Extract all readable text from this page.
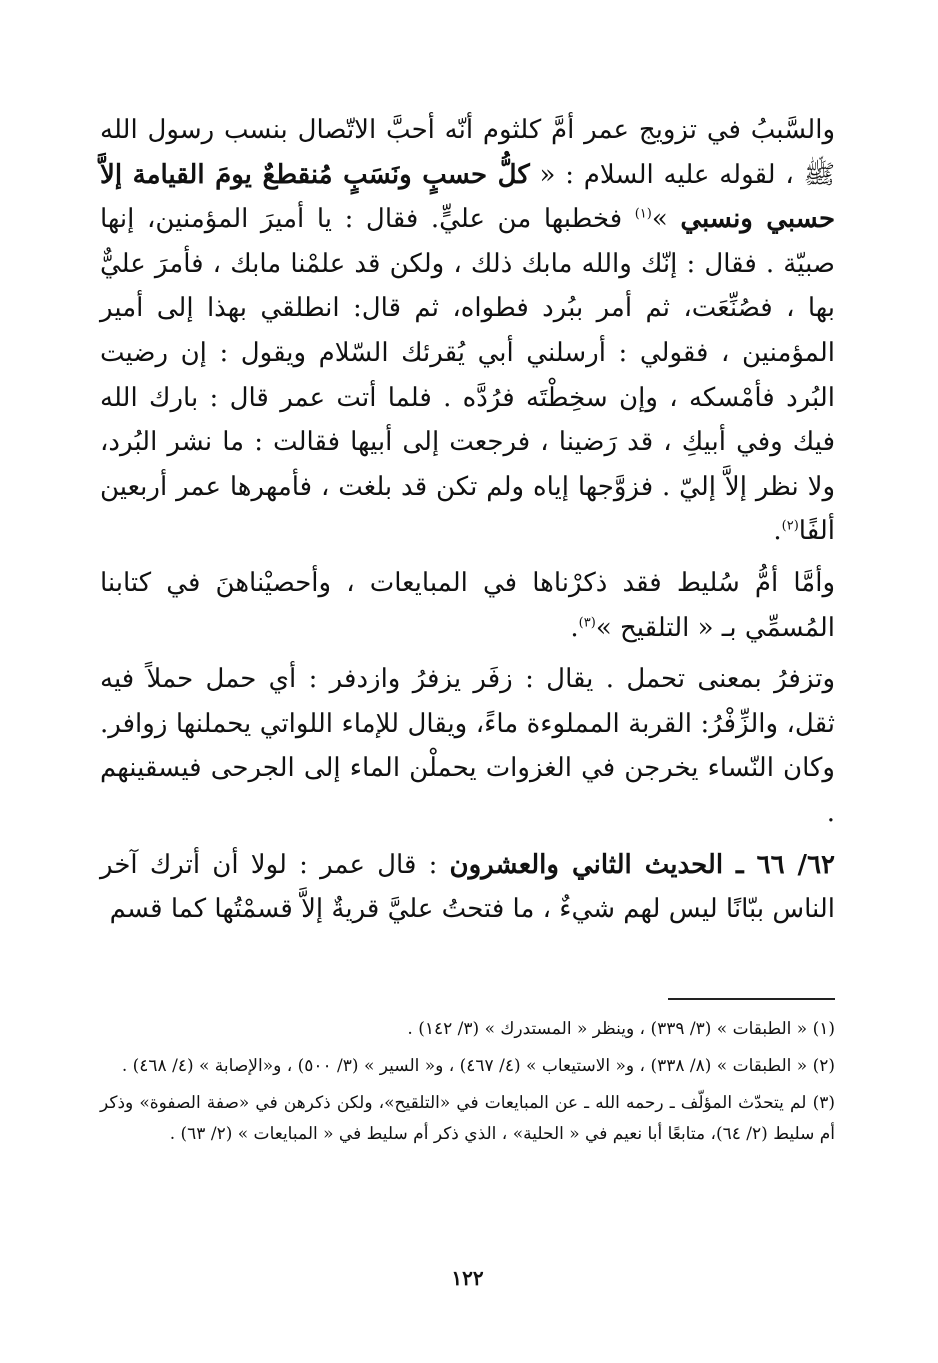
والسَّببُ في تزويج عمر أمَّ كلثوم أنّه أحبَّ الاتّصال بنسب رسول الله ﷺ ، لقوله عليه السلام : « كلُّ حسبٍ ونَسَبٍ مُنقطعٌ يومَ القيامة إلاَّ حسبي ونسبي »$^{(١)}$ فخطبها من عليٍّ. فقال : يا أميرَ المؤمنين، إنها صبيّة . فقال : إنّك والله مابك ذلك ، ولكن قد علمْنا مابك ، فأمرَ عليٌّ بها ، فصُنِّعَت، ثم أمر ببُرد فطواه، ثم قال: انطلقي بهذا إلى أمير المؤمنين ، فقولي : أرسلني أبي يُقرئك السّلام ويقول : إن رضيت البُرد فأمْسكه ، وإن سخِطْتَه فرُدَّه . فلما أتت عمر قال : بارك الله فيك وفي أبيكِ ، قد رَضينا ، فرجعت إلى أبيها فقالت : ما نشر البُرد، ولا نظر إلاَّ إليّ . فزوَّجها إياه ولم تكن قد بلغت ، فأمهرها عمر أربعين ألفًا$^{(٢)}$.

وأمَّا أمُّ سُليط فقد ذكرْناها في المبايعات ، وأحصيْناهنَ في كتابنا المُسمِّي بـ « التلقيح »$^{(٣)}$.

وتزفرُ بمعنى تحمل . يقال : زفَر يزفرُ وازدفر : أي حمل حملاً فيه ثقل، والزِّفْرُ: القربة المملوءة ماءً، ويقال للإماء اللواتي يحملنها زوافر. وكان النّساء يخرجن في الغزوات يحملْن الماء إلى الجرحى فيسقينهم .

٦٢/ ٦٦ ـ الحديث الثاني والعشرون : قال عمر : لولا أن أترك آخر الناس ببّانًا ليس لهم شيءٌ ، ما فتحتُ عليَّ قريةٌ إلاَّ قسمْتُها كما قسم

(١) « الطبقات » (٣/ ٣٣٩) ، وينظر « المستدرك » (٣/ ١٤٢) .

(٢) « الطبقات » (٨/ ٣٣٨) ، و« الاستيعاب » (٤/ ٤٦٧) ، و« السير » (٣/ ٥٠٠) ، و«الإصابة » (٤/ ٤٦٨) .

(٣) لم يتحدّث المؤلّف ـ رحمه الله ـ عن المبايعات في «التلقيح»، ولكن ذكرهن في «صفة الصفوة» وذكر أم سليط (٢/ ٦٤)، متابعًا أبا نعيم في « الحلية» ، الذي ذكر أم سليط في « المبايعات » (٢/ ٦٣) .

١٢٢
